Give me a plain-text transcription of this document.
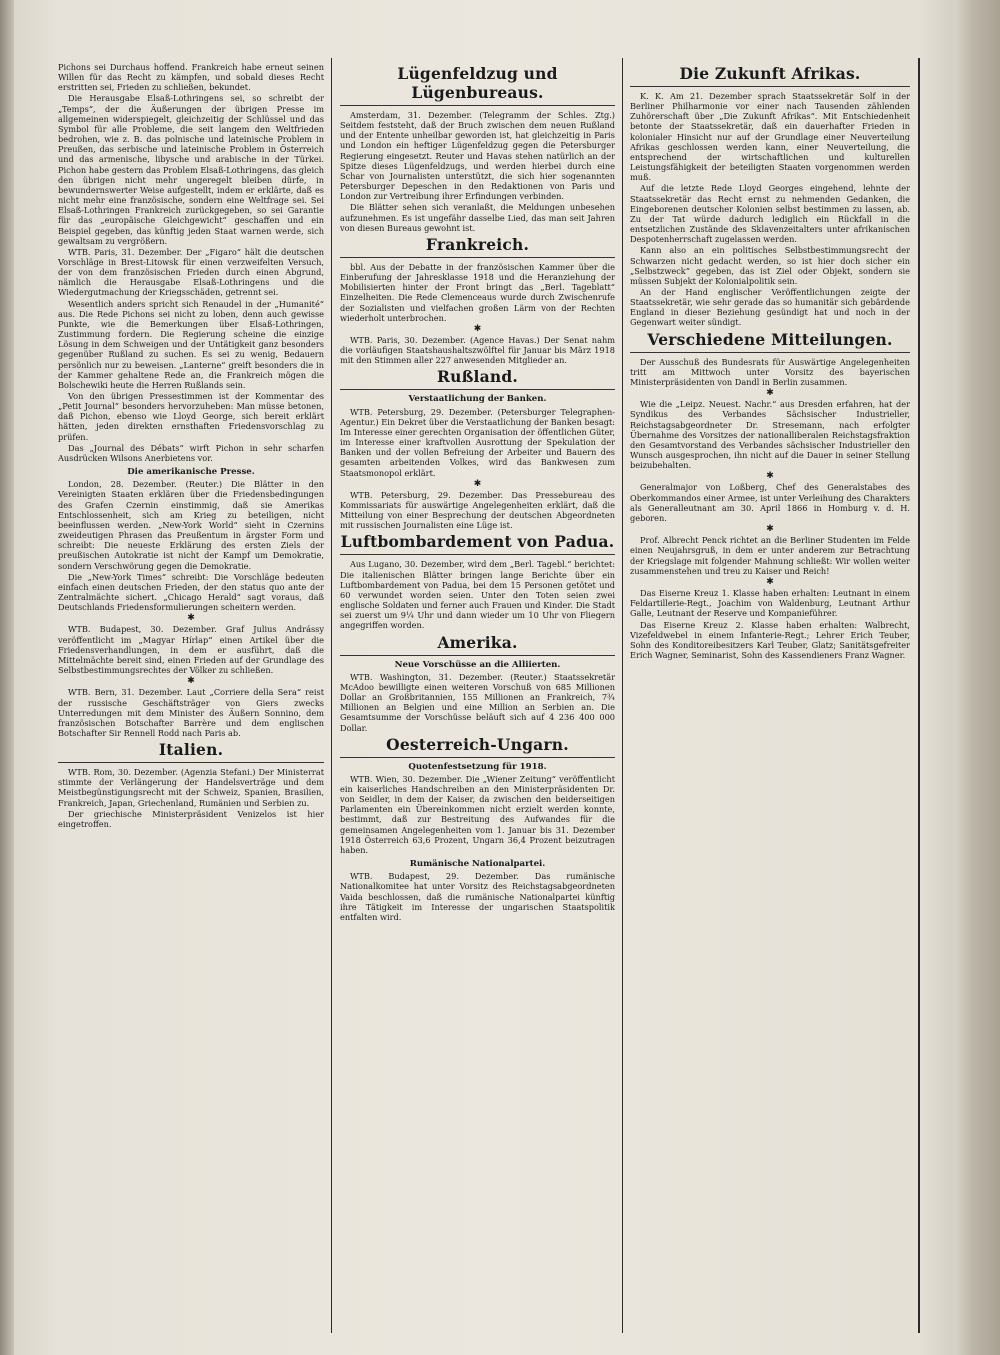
Pichons sei Durchaus hoffend. Frankreich habe erneut seinen Willen für das Recht zu kämpfen, und sobald dieses Recht erstritten sei, Frieden zu schließen, bekundet.

Die Herausgabe Elsaß-Lothringens sei, so schreibt der „Temps“, der die Äußerungen der übrigen Presse im allgemeinen widerspiegelt, gleichzeitig der Schlüssel und das Symbol für alle Probleme, die seit langem den Weltfrieden bedrohen, wie z. B. das polnische und lateinische Problem in Preußen, das serbische und lateinische Problem in Österreich und das armenische, libysche und arabische in der Türkei. Pichon habe gestern das Problem Elsaß-Lothringens, das gleich den übrigen nicht mehr ungeregelt bleiben dürfe, in bewundernswerter Weise aufgestellt, indem er erklärte, daß es nicht mehr eine französische, sondern eine Weltfrage sei. Sei Elsaß-Lothringen Frankreich zurückgegeben, so sei Garantie für das „europäische Gleichgewicht“ geschaffen und ein Beispiel gegeben, das künftig jeden Staat warnen werde, sich gewaltsam zu vergrößern.

WTB. Paris, 31. Dezember. Der „Figaro“ hält die deutschen Vorschläge in Brest-Litowsk für einen verzweifelten Versuch, der von dem französischen Frieden durch einen Abgrund, nämlich die Herausgabe Elsaß-Lothringens und die Wiedergutmachung der Kriegsschäden, getrennt sei.

Wesentlich anders spricht sich Renaudel in der „Humanité“ aus. Die Rede Pichons sei nicht zu loben, denn auch gewisse Punkte, wie die Bemerkungen über Elsaß-Lothringen, Zustimmung fordern. Die Regierung scheine die einzige Lösung in dem Schweigen und der Untätigkeit ganz besonders gegenüber Rußland zu suchen. Es sei zu wenig, Bedauern persönlich nur zu beweisen. „Lanterne“ greift besonders die in der Kammer gehaltene Rede an, die Frankreich mögen die Bolschewiki heute die Herren Rußlands sein.

Von den übrigen Pressestimmen ist der Kommentar des „Petit Journal“ besonders hervorzuheben: Man müsse betonen, daß Pichon, ebenso wie Lloyd George, sich bereit erklärt hätten, jeden direkten ernsthaften Friedensvorschlag zu prüfen.

Das „Journal des Débats“ wirft Pichon in sehr scharfen Ausdrücken Wilsons Anerbietens vor.

Die amerikanische Presse.

London, 28. Dezember. (Reuter.) Die Blätter in den Vereinigten Staaten erklären über die Friedensbedingungen des Grafen Czernin einstimmig, daß sie Amerikas Entschlossenheit, sich am Krieg zu beteiligen, nicht beeinflussen werden. „New-York World“ sieht in Czernins zweideutigen Phrasen das Preußentum in ärgster Form und schreibt: Die neueste Erklärung des ersten Ziels der preußischen Autokratie ist nicht der Kampf um Demokratie, sondern Verschwörung gegen die Demokratie.

Die „New-York Times“ schreibt: Die Vorschläge bedeuten einfach einen deutschen Frieden, der den status quo ante der Zentralmächte sichert. „Chicago Herald“ sagt voraus, daß Deutschlands Friedensformulierungen scheitern werden.

✱

WTB. Budapest, 30. Dezember. Graf Julius Andrássy veröffentlicht im „Magyar Hírlap“ einen Artikel über die Friedensverhandlungen, in dem er ausführt, daß die Mittelmächte bereit sind, einen Frieden auf der Grundlage des Selbstbestimmungsrechtes der Völker zu schließen.

✱

WTB. Bern, 31. Dezember. Laut „Corriere della Sera“ reist der russische Geschäftsträger von Giers zwecks Unterredungen mit dem Minister des Äußern Sonnino, dem französischen Botschafter Barrère und dem englischen Botschafter Sir Rennell Rodd nach Paris ab.

Italien.

WTB. Rom, 30. Dezember. (Agenzia Stefani.) Der Ministerrat stimmte der Verlängerung der Handelsverträge und dem Meistbegünstigungsrecht mit der Schweiz, Spanien, Brasilien, Frankreich, Japan, Griechenland, Rumänien und Serbien zu.

Der griechische Ministerpräsident Venizelos ist hier eingetroffen.

Lügenfeldzug und Lügenbureaus.

Amsterdam, 31. Dezember. (Telegramm der Schles. Ztg.) Seitdem feststeht, daß der Bruch zwischen dem neuen Rußland und der Entente unheilbar geworden ist, hat gleichzeitig in Paris und London ein heftiger Lügenfeldzug gegen die Petersburger Regierung eingesetzt. Reuter und Havas stehen natürlich an der Spitze dieses Lügenfeldzugs, und werden hierbei durch eine Schar von Journalisten unterstützt, die sich hier sogenannten Petersburger Depeschen in den Redaktionen von Paris und London zur Vertreibung ihrer Erfindungen verbinden.

Die Blätter sehen sich veranlaßt, die Meldungen unbesehen aufzunehmen. Es ist ungefähr dasselbe Lied, das man seit Jahren von diesen Bureaus gewohnt ist.

Frankreich.

bbl. Aus der Debatte in der französischen Kammer über die Einberufung der Jahresklasse 1918 und die Heranziehung der Mobilisierten hinter der Front bringt das „Berl. Tageblatt“ Einzelheiten. Die Rede Clemenceaus wurde durch Zwischenrufe der Sozialisten und vielfachen großen Lärm von der Rechten wiederholt unterbrochen.

✱

WTB. Paris, 30. Dezember. (Agence Havas.) Der Senat nahm die vorläufigen Staatshaushaltszwölftel für Januar bis März 1918 mit den Stimmen aller 227 anwesenden Mitglieder an.

Rußland.
Verstaatlichung der Banken.

WTB. Petersburg, 29. Dezember. (Petersburger Telegraphen-Agentur.) Ein Dekret über die Verstaatlichung der Banken besagt: Im Interesse einer gerechten Organisation der öffentlichen Güter, im Interesse einer kraftvollen Ausrottung der Spekulation der Banken und der vollen Befreiung der Arbeiter und Bauern des gesamten arbeitenden Volkes, wird das Bankwesen zum Staatsmonopol erklärt.

✱

WTB. Petersburg, 29. Dezember. Das Pressebureau des Kommissariats für auswärtige Angelegenheiten erklärt, daß die Mitteilung von einer Besprechung der deutschen Abgeordneten mit russischen Journalisten eine Lüge ist.

Luftbombardement von Padua.

Aus Lugano, 30. Dezember, wird dem „Berl. Tagebl.“ berichtet: Die italienischen Blätter bringen lange Berichte über ein Luftbombardement von Padua, bei dem 15 Personen getötet und 60 verwundet worden seien. Unter den Toten seien zwei englische Soldaten und ferner auch Frauen und Kinder. Die Stadt sei zuerst um 9¼ Uhr und dann wieder um 10 Uhr von Fliegern angegriffen worden.

Amerika.
Neue Vorschüsse an die Alliierten.

WTB. Washington, 31. Dezember. (Reuter.) Staatssekretär McAdoo bewilligte einen weiteren Vorschuß von 685 Millionen Dollar an Großbritannien, 155 Millionen an Frankreich, 7¾ Millionen an Belgien und eine Million an Serbien an. Die Gesamtsumme der Vorschüsse beläuft sich auf 4 236 400 000 Dollar.

Oesterreich-Ungarn.
Quotenfestsetzung für 1918.

WTB. Wien, 30. Dezember. Die „Wiener Zeitung“ veröffentlicht ein kaiserliches Handschreiben an den Ministerpräsidenten Dr. von Seidler, in dem der Kaiser, da zwischen den beiderseitigen Parlamenten ein Übereinkommen nicht erzielt werden konnte, bestimmt, daß zur Bestreitung des Aufwandes für die gemeinsamen Angelegenheiten vom 1. Januar bis 31. Dezember 1918 Österreich 63,6 Prozent, Ungarn 36,4 Prozent beizutragen haben.

Rumänische Nationalpartei.

WTB. Budapest, 29. Dezember. Das rumänische Nationalkomitee hat unter Vorsitz des Reichstagsabgeordneten Vaida beschlossen, daß die rumänische Nationalpartei künftig ihre Tätigkeit im Interesse der ungarischen Staatspolitik entfalten wird.

Die Zukunft Afrikas.

K. K. Am 21. Dezember sprach Staatssekretär Solf in der Berliner Philharmonie vor einer nach Tausenden zählenden Zuhörerschaft über „Die Zukunft Afrikas“. Mit Entschiedenheit betonte der Staatssekretär, daß ein dauerhafter Frieden in kolonialer Hinsicht nur auf der Grundlage einer Neuverteilung Afrikas geschlossen werden kann, einer Neuverteilung, die entsprechend der wirtschaftlichen und kulturellen Leistungsfähigkeit der beteiligten Staaten vorgenommen werden muß.

Auf die letzte Rede Lloyd Georges eingehend, lehnte der Staatssekretär das Recht ernst zu nehmenden Gedanken, die Eingeborenen deutscher Kolonien selbst bestimmen zu lassen, ab. Zu der Tat würde dadurch lediglich ein Rückfall in die entsetzlichen Zustände des Sklavenzeitalters unter afrikanischen Despotenherrschaft zugelassen werden.

Kann also an ein politisches Selbstbestimmungsrecht der Schwarzen nicht gedacht werden, so ist hier doch sicher ein „Selbstzweck“ gegeben, das ist Ziel oder Objekt, sondern sie müssen Subjekt der Kolonialpolitik sein.

An der Hand englischer Veröffentlichungen zeigte der Staatssekretär, wie sehr gerade das so humanitär sich gebärdende England in dieser Beziehung gesündigt hat und noch in der Gegenwart weiter sündigt.

Verschiedene Mitteilungen.

Der Ausschuß des Bundesrats für Auswärtige Angelegenheiten tritt am Mittwoch unter Vorsitz des bayerischen Ministerpräsidenten von Dandl in Berlin zusammen.

✱

Wie die „Leipz. Neuest. Nachr.“ aus Dresden erfahren, hat der Syndikus des Verbandes Sächsischer Industrieller, Reichstagsabgeordneter Dr. Stresemann, nach erfolgter Übernahme des Vorsitzes der nationalliberalen Reichstagsfraktion den Gesamtvorstand des Verbandes sächsischer Industrieller den Wunsch ausgesprochen, ihn nicht auf die Dauer in seiner Stellung beizubehalten.

✱

Generalmajor von Loßberg, Chef des Generalstabes des Oberkommandos einer Armee, ist unter Verleihung des Charakters als Generalleutnant am 30. April 1866 in Homburg v. d. H. geboren.

✱

Prof. Albrecht Penck richtet an die Berliner Studenten im Felde einen Neujahrsgruß, in dem er unter anderem zur Betrachtung der Kriegslage mit folgender Mahnung schließt: Wir wollen weiter zusammenstehen und treu zu Kaiser und Reich!

✱

Das Eiserne Kreuz 1. Klasse haben erhalten: Leutnant in einem Feldartillerie-Regt., Joachim von Waldenburg, Leutnant Arthur Galle, Leutnant der Reserve und Kompanieführer.

Das Eiserne Kreuz 2. Klasse haben erhalten: Walbrecht, Vizefeldwebel in einem Infanterie-Regt.; Lehrer Erich Teuber, Sohn des Konditoreibesitzers Karl Teuber, Glatz; Sanitätsgefreiter Erich Wagner, Seminarist, Sohn des Kassendieners Franz Wagner.
